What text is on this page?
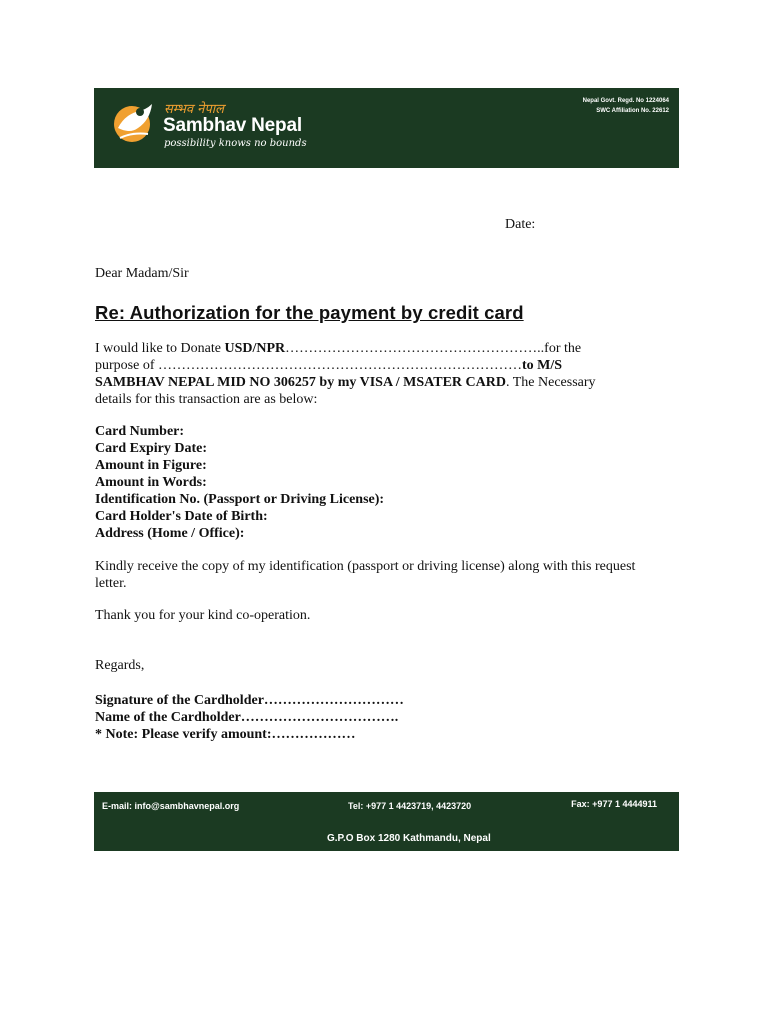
सम्भव नेपाल
Sambhav Nepal
possibility knows no bounds
Nepal Govt. Regd. No 1224064
SWC Affiliation No. 22612
Date:
Dear Madam/Sir
Re: Authorization for the payment by credit card
I would like to Donate USD/NPR………………………………………………..for the
purpose of ……………………………………………………………………to M/S
SAMBHAV NEPAL MID NO 306257 by my VISA / MSATER CARD. The Necessary
details for this transaction are as below:
Card Number:
Card Expiry Date:
Amount in Figure:
Amount in Words:
Identification No. (Passport or Driving License):
Card Holder's Date of Birth:
Address (Home / Office):
Kindly receive the copy of my identification (passport or driving license) along with this request letter.
Thank you for your kind co-operation.
Regards,
Signature of the Cardholder…………………………
Name of the Cardholder…………………………….
* Note: Please verify amount:………………
E-mail: info@sambhavnepal.org	Tel: +977 1 4423719, 4423720	Fax: +977 1 4444911
G.P.O Box 1280 Kathmandu, Nepal
